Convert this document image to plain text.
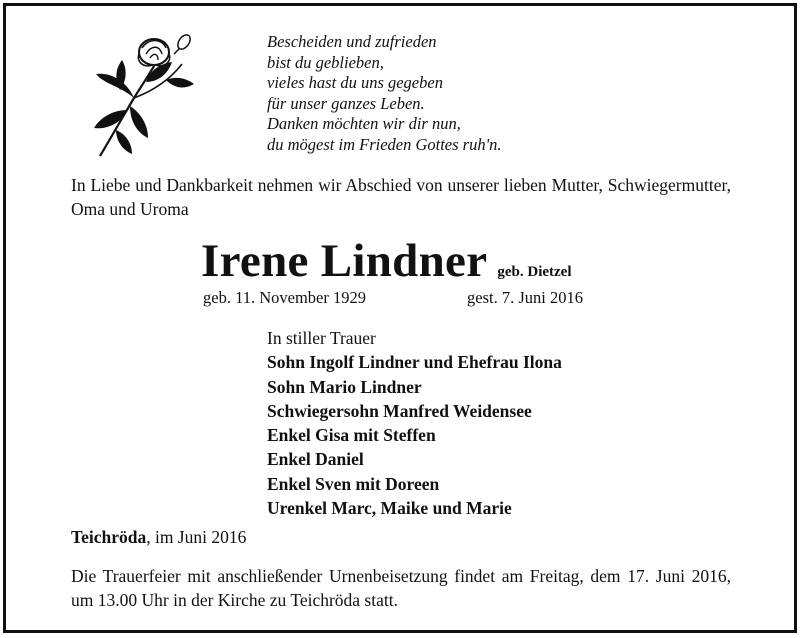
Bescheiden und zufrieden
bist du geblieben,
vieles hast du uns gegeben
für unser ganzes Leben.
Danken möchten wir dir nun,
du mögest im Frieden Gottes ruh'n.
In Liebe und Dankbarkeit nehmen wir Abschied von unserer lieben Mutter, Schwiegermutter, Oma und Uroma
Irene Lindner geb. Dietzel
geb. 11. November 1929	gest. 7. Juni 2016
In stiller Trauer
Sohn Ingolf Lindner und Ehefrau Ilona
Sohn Mario Lindner
Schwiegersohn Manfred Weidensee
Enkel Gisa mit Steffen
Enkel Daniel
Enkel Sven mit Doreen
Urenkel Marc, Maike und Marie
Teichröda, im Juni 2016
Die Trauerfeier mit anschließender Urnenbeisetzung findet am Freitag, dem 17. Juni 2016, um 13.00 Uhr in der Kirche zu Teichröda statt.
